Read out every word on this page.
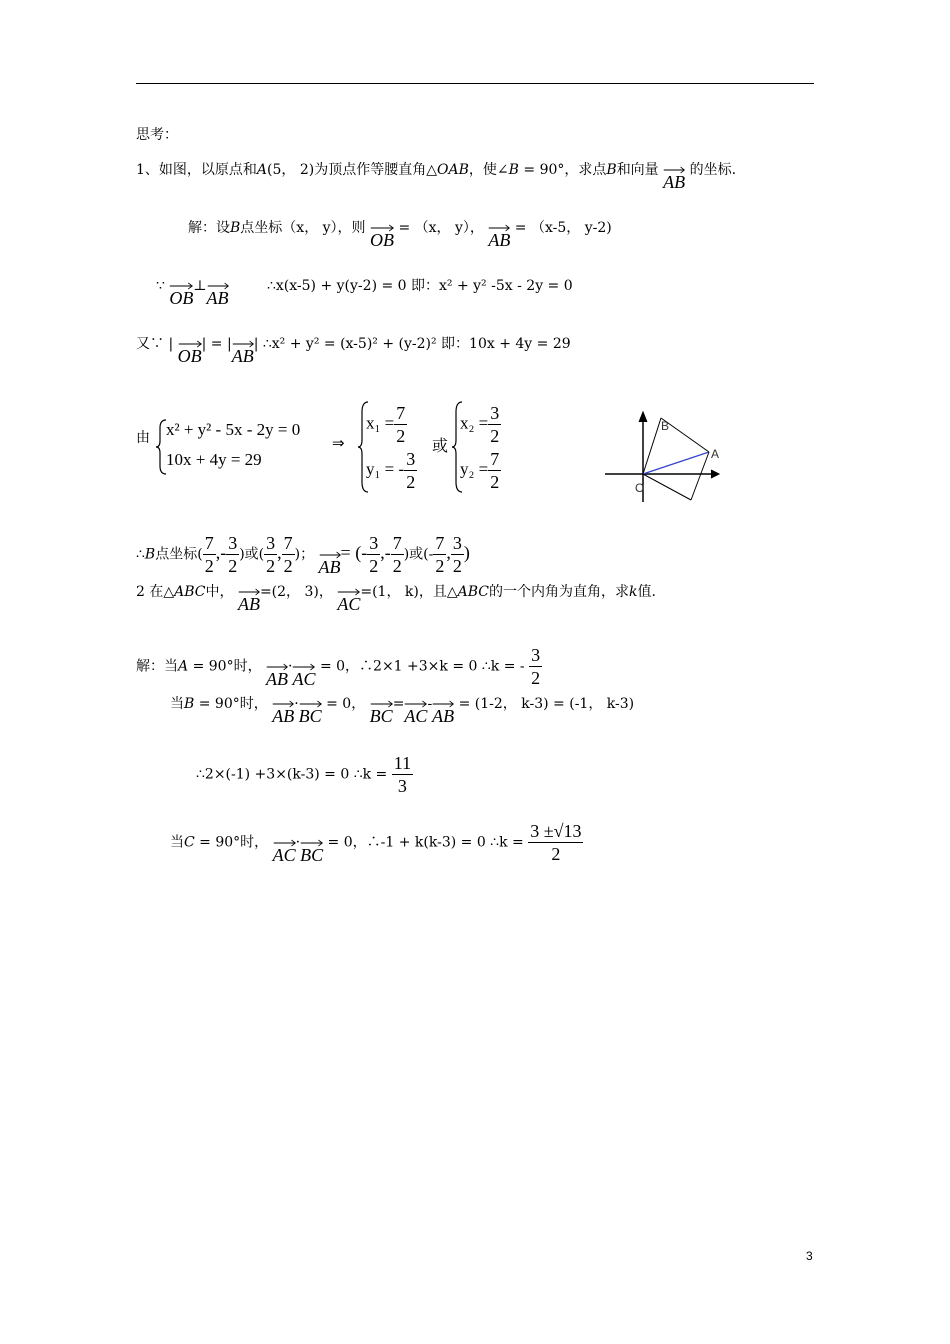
思考：
1、如图，以原点和A(5， 2)为顶点作等腰直角△OAB，使∠B = 90°，求点B和向量
AB 的坐标.
解：设B点坐标（x， y），则
OB = （x， y），
AB = （x-5， y-2)
∵
OB⊥
AB ∴x(x-5) + y(y-2) = 0 即：x² + y² -5x - 2y = 0
又∵ |
OB| = |
AB| ∴x² + y² = (x-5)² + (y-2)² 即：10x + 4y = 29
由 x² + y² - 5x - 2y = 0
10x + 4y = 29
⇒
$x_1 = \frac{7}{2}$
y₁ = - $\frac{3}{2}$
或
$x_2 = \frac{3}{2}$
$y_2 = \frac{7}{2}$
B
A
O
∴B点坐标( $\frac{7}{2}$ ,- $\frac{3}{2}$ )或( $\frac{3}{2}$ , $\frac{7}{2}$ )；
AB= (- $\frac{3}{2}$ ,- $\frac{7}{2}$ )或(- $\frac{7}{2}$ , $\frac{3}{2}$ )
2 在△ABC中，
AB=(2， 3)，
AC=(1， k)，且△ABC的一个内角为直角，求k值.
解：当A = 90°时，
AB·
AC = 0，∴2×1 +3×k = 0 ∴k = - $\frac{3}{2}$
当B = 90°时，
AB·
BC = 0，
BC=
AC-
AB = (1-2， k-3) = (-1， k-3)
∴2×(-1) +3×(k-3) = 0 ∴k = $\frac{11}{3}$
当C = 90°时，
AC·
BC = 0，∴-1 + k(k-3) = 0 ∴k = $\frac{3 \pm√13}{2}$
3
